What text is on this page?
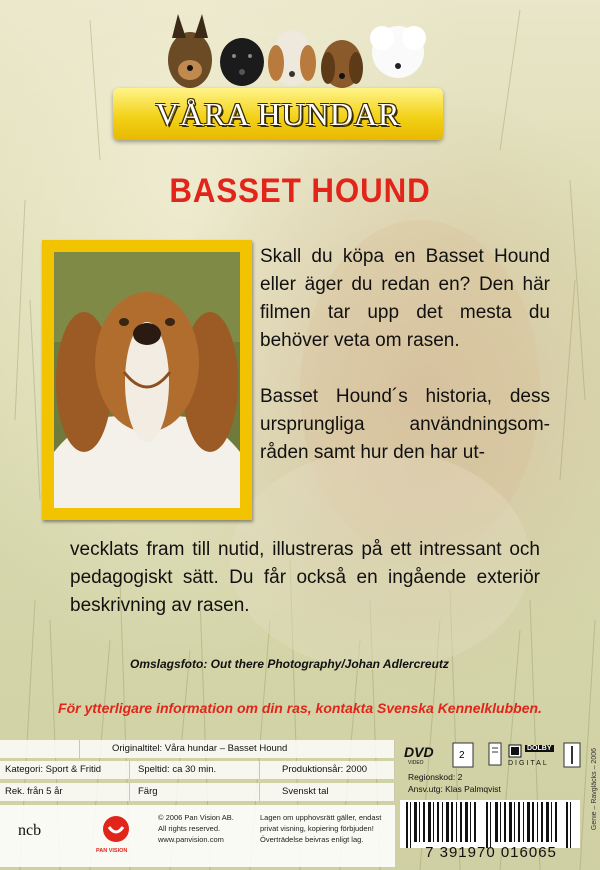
VÅRA HUNDAR
BASSET HOUND

Skall du köpa en Basset Hound eller äger du redan en? Den här filmen tar upp det mesta du behöver veta om rasen.

Basset Hound´s historia, dess ursprungliga användningsom-råden samt hur den har ut-

vecklats fram till nutid, illustreras på ett intressant och pedagogiskt sätt. Du får också en ingående exteriör beskrivning av rasen.
Omslagsfoto: Out there Photography/Johan Adlercreutz
För ytterligare information om din ras, kontakta Svenska Kennelklubben.
Originaltitel: Våra hundar – Basset Hound
Kategori: Sport & Fritid	Speltid: ca 30 min.	Produktionsår: 2000
Rek. från 5 år	Färg	Svenskt tal
ncb
PAN VISION
© 2006 Pan Vision AB.
All rights reserved.
www.panvision.com
Lagen om upphovsrätt gäller, endast
privat visning, kopiering förbjuden!
Överträdelse beivras enligt lag.
DVD
VIDEO
2
DOLBY
DIGITAL
Regionskod: 2
Ansv.utg: Klas Palmqvist
7 391970 016065
Genie – Ravgläcks – 2006
